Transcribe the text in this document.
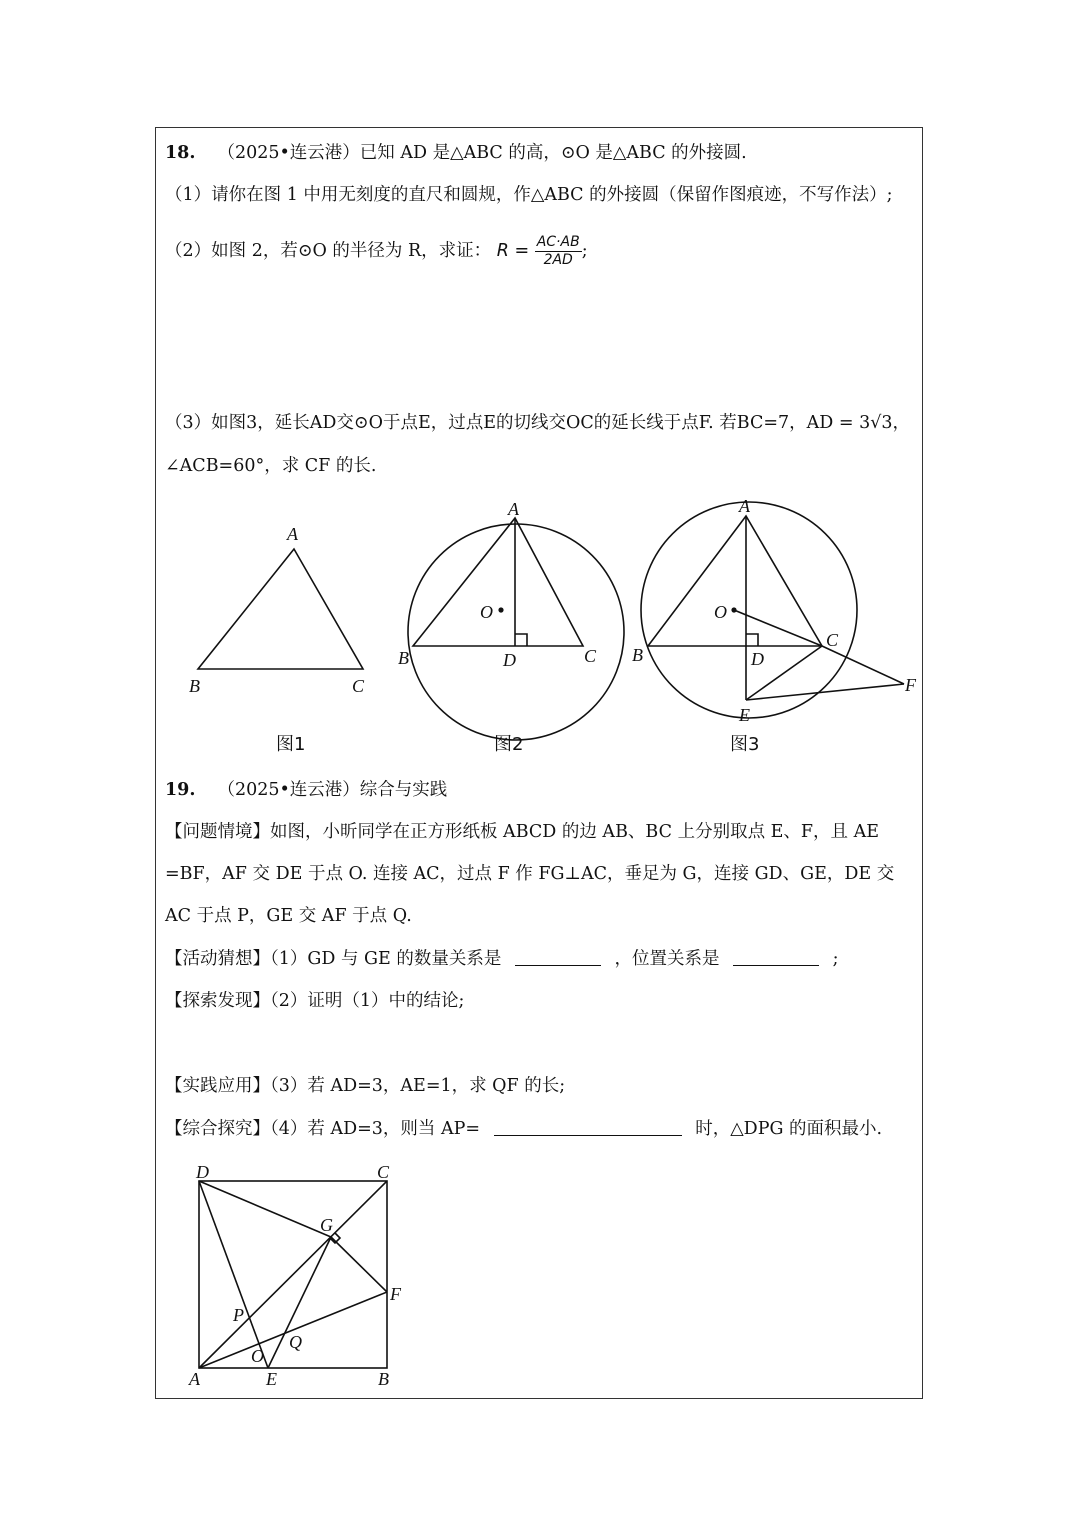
18. （2025•连云港）已知 AD 是△ABC 的高，⊙O 是△ABC 的外接圆.
（1）请你在图 1 中用无刻度的直尺和圆规，作△ABC 的外接圆（保留作图痕迹，不写作法）;
（2）如图 2，若⊙O 的半径为 R，求证： $R = \frac{AC\cdot AB}{2AD}$ ;
（3）如图3，延长AD交⊙O于点E，过点E的切线交OC的延长线于点F. 若BC=7，AD = 3√3，
∠ACB=60°，求 CF 的长.
A
B	C
图1
A
B	C
D
O
图2
A
B
C
D
O
E
F
图3
D	C
G
F
P
Q
O
A	E	B
19. （2025•连云港）综合与实践
【问题情境】如图，小昕同学在正方形纸板 ABCD 的边 AB、BC 上分别取点 E、F，且 AE
=BF，AF 交 DE 于点 O. 连接 AC，过点 F 作 FG⊥AC，垂足为 G，连接 GD、GE，DE 交
AC 于点 P，GE 交 AF 于点 Q.
【活动猜想】（1）GD 与 GE 的数量关系是	，位置关系是	;
【探索发现】（2）证明（1）中的结论;
【实践应用】（3）若 AD=3，AE=1，求 QF 的长;
【综合探究】（4）若 AD=3，则当 AP=	时，△DPG 的面积最小.
